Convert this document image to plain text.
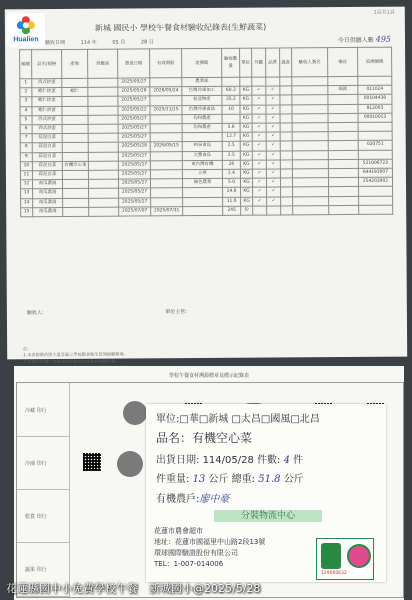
Hualien
1頁共1頁
新城 國民小 學校午餐食材驗收紀錄表(生鮮蔬菜)
驗收日期	114 年	05 月	28 日	今日供膳人數 495
編號	品名/規格	產地	供應商	製造日期	有效期限	追溯碼	驗收數量	單位	外觀	品質	溫度	驗收人簽名	備註	追溯號碼
1	西式炒蛋			2025/05/27		農業部								
2	蝦仁炒蛋	蝦仁		2025/05/28	2026/05/24	台灣冷凍加工	60.3	KG	✓	✓			細節	011024
3	蝦仁炒蛋			2025/05/27		桂冠物產	35.2	KG	✓	✓				00104438
4	蝦仁炒蛋			2025/05/22	2025/11/15	台灣冷凍食品	10	KG	✓	✓				812003
5	西式炒蛋			2025/05/27		均和農產		KG	✓	✓				00010013
6	西式炒蛋			2025/05/27		均和農產	5.6	KG	✓	✓				
7	蒜泥白菜			2025/05/27			12.7	KG	✓	✓				
8	蒜泥白菜			2025/05/28	2026/05/15	和泉食品	2.5	KG	✓	✓				020751
9	蒜泥白菜			2025/05/27		大豐食品	2.5	KG	✓	✓				
10	蒜泥白菜	有機空心菜		2025/05/27		東台灣有機	26	KG	✓	✓				521006723
11	蒜泥白菜			2025/05/27		立華	2.4	KG	✓	✓				644193007
12	南瓜濃湯			2025/05/27		綠色農業	5.0	KG	✓	✓				254203902
13	南瓜濃湯			2025/05/27			14.8	KG	✓	✓				
14	南瓜濃湯			2025/05/27			11.6	KG	✓	✓				
15	南瓜濃湯			2025/07/07	2025/07/31		245	份						
驗收人:	單位主管:
註：
1.本表格係依照大量烹調之學校膳食衛生管理規範辦理。
2.各單位訂購之食材須依照規定完成食材登錄作業。
學校午餐食材溯源標章及標示紀錄表
冷藏 印行
冷凍 印行
乾貨 印行
蔬果 印行
單位:□華□新城 □太昌□國風□北昌
品名：有機空心菜
出貨日期: 114/05/28 件數: 4 件
件重量: 13 公斤 總重: 51.8 公斤
有機農戶:廖中豪
分裝物流中心
花蓮市農會超市
地址：花蓮市國福里中山路2段13號
環球國際驗證股份有限公司
TEL：1-007-014006
129060632
花蓮縣國中小免費學校午餐　新城國小@2025/5/28
